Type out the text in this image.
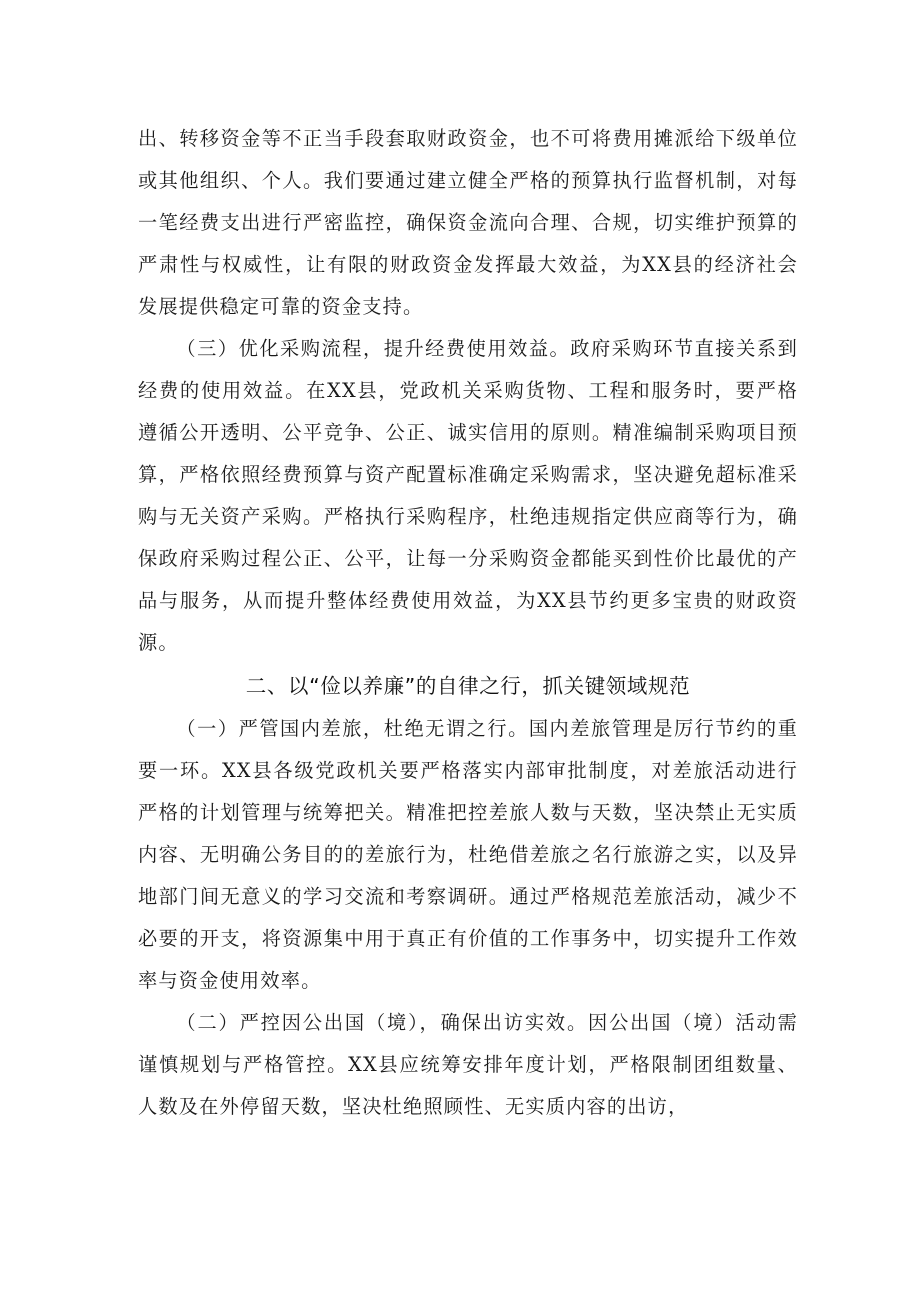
出、转移资金等不正当手段套取财政资金，也不可将费用摊派给下级单位或其他组织、个人。我们要通过建立健全严格的预算执行监督机制，对每一笔经费支出进行严密监控，确保资金流向合理、合规，切实维护预算的严肃性与权威性，让有限的财政资金发挥最大效益，为XX县的经济社会发展提供稳定可靠的资金支持。

（三）优化采购流程，提升经费使用效益。政府采购环节直接关系到经费的使用效益。在XX县，党政机关采购货物、工程和服务时，要严格遵循公开透明、公平竞争、公正、诚实信用的原则。精准编制采购项目预算，严格依照经费预算与资产配置标准确定采购需求，坚决避免超标准采购与无关资产采购。严格执行采购程序，杜绝违规指定供应商等行为，确保政府采购过程公正、公平，让每一分采购资金都能买到性价比最优的产品与服务，从而提升整体经费使用效益，为XX县节约更多宝贵的财政资源。

二、以“俭以养廉”的自律之行，抓关键领域规范

（一）严管国内差旅，杜绝无谓之行。国内差旅管理是厉行节约的重要一环。XX县各级党政机关要严格落实内部审批制度，对差旅活动进行严格的计划管理与统筹把关。精准把控差旅人数与天数，坚决禁止无实质内容、无明确公务目的的差旅行为，杜绝借差旅之名行旅游之实，以及异地部门间无意义的学习交流和考察调研。通过严格规范差旅活动，减少不必要的开支，将资源集中用于真正有价值的工作事务中，切实提升工作效率与资金使用效率。

（二）严控因公出国（境），确保出访实效。因公出国（境）活动需谨慎规划与严格管控。XX县应统筹安排年度计划，严格限制团组数量、人数及在外停留天数，坚决杜绝照顾性、无实质内容的出访，
